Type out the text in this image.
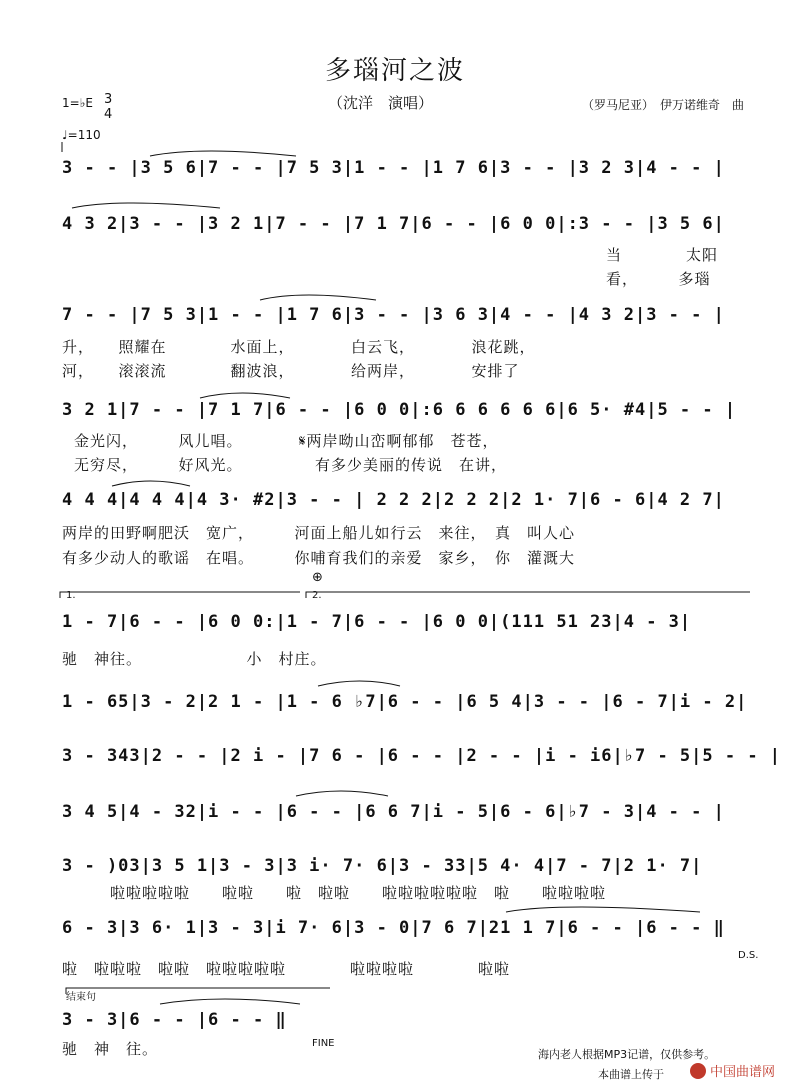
多瑙河之波
（沈洋　演唱）	（罗马尼亚）　伊万诺维奇　曲
1=♭E 3
4
♩=110
3 - - |3 5 6|7 - - |7 5 3|1 - - |1 7 6|3 - - |3 2 3|4 - - |
4 3 2|3 - - |3 2 1|7 - - |7 1 7|6 - - |6 0 0|:3 - - |3 5 6|
当　　　　太阳
看，　　　多瑙
7 - - |7 5 3|1 - - |1 7 6|3 - - |3 6 3|4 - - |4 3 2|3 - - |
升，　　照耀在　　　　水面上，　　　　白云飞，　　　　浪花跳，
河，　　滚滚流　　　　翻波浪，　　　　给两岸，　　　　安排了
3 2 1|7 - - |7 1 7|6 - - |6 0 0|:6 6 6 6 6 6|6 5· #4|5 - - |
金光闪，　　　风儿唱。　　　　𝄋两岸呦山峦啊郁郁　苍苍，
无穷尽，　　　好风光。　　　　　有多少美丽的传说　在讲，
4 4 4|4 4 4|4 3· #2|3 - - | 2 2 2|2 2 2|2 1· 7|6 - 6|4 2 7|
两岸的田野啊肥沃　宽广，　　　河面上船儿如行云　来往，　真　叫人心
有多少动人的歌谣　在唱。　　　你哺育我们的亲爱　家乡，　你　灌溉大
⊕
1.	2.
1 - 7|6 - - |6 0 0:|1 - 7|6 - - |6 0 0|(111 51 23|4 - 3|
驰　神往。　　　　　　　小　村庄。
1 - 65|3 - 2|2 1 - |1 - 6 ♭7|6 - - |6 5 4|3 - - |6 - 7|i - 2|
3 - 343|2 - - |2 i - |7 6 - |6 - - |2 - - |i - i6|♭7 - 5|5 - - |
3 4 5|4 - 32|i - - |6 - - |6 6 7|i - 5|6 - 6|♭7 - 3|4 - - |
3 - )03|3 5 1|3 - 3|3 i· 7· 6|3 - 33|5 4· 4|7 - 7|2 1· 7|
　　　啦啦啦啦啦　　啦啦　　啦　啦啦　　啦啦啦啦啦啦　啦　　啦啦啦啦
6 - 3|3 6· 1|3 - 3|i 7· 6|3 - 0|7 6 7|21 1 7|6 - - |6 - - ‖
啦　啦啦啦　啦啦　啦啦啦啦啦　　　　啦啦啦啦　　　　啦啦
D.S.
结束句
3 - 3|6 - - |6 - - ‖
驰　神　往。	FINE
海内老人根据MP3记谱，仅供参考。
本曲谱上传于	中国曲谱网
